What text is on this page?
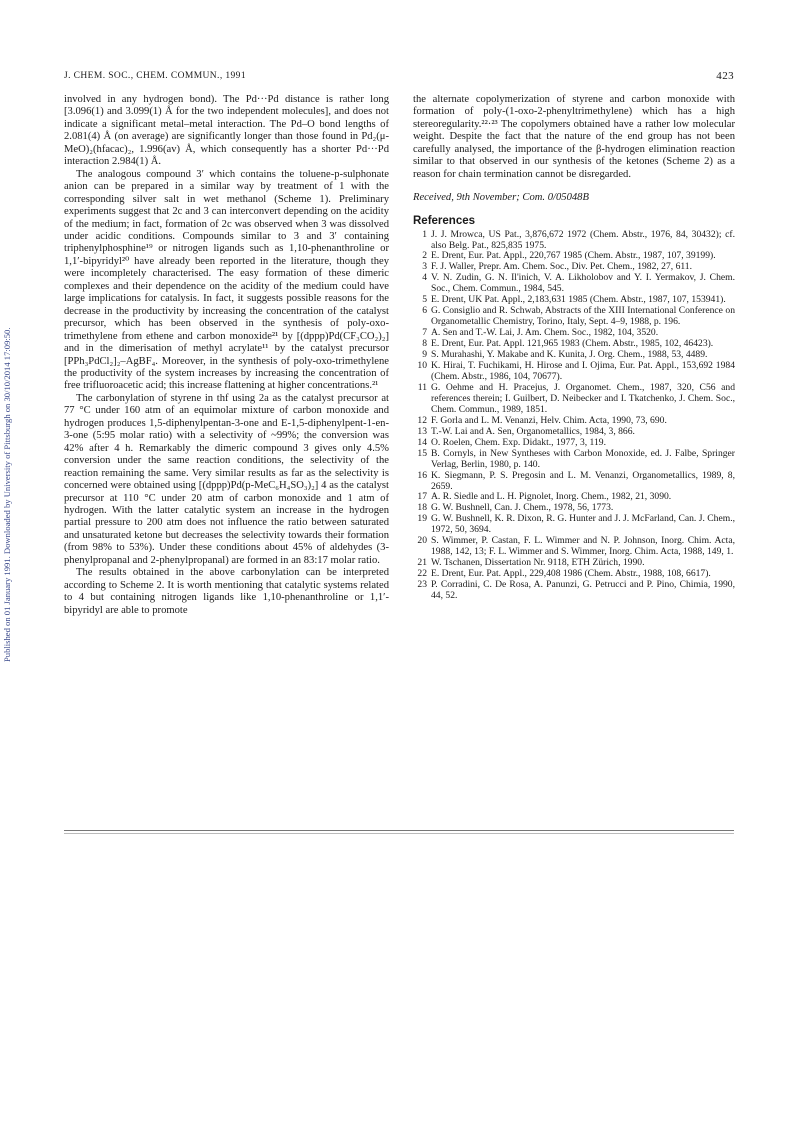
Published on 01 January 1991. Downloaded by University of Pittsburgh on 30/10/2014 17:09:50.
J. CHEM. SOC., CHEM. COMMUN., 1991	423

involved in any hydrogen bond). The Pd···Pd distance is rather long [3.096(1) and 3.099(1) Å for the two independent molecules], and does not indicate a significant metal–metal interaction. The Pd–O bond lengths of 2.081(4) Å (on average) are significantly longer than those found in Pd₂(μ-MeO)₂(hfacac)₂, 1.996(av) Å, which consequently has a shorter Pd···Pd interaction 2.984(1) Å.

The analogous compound 3′ which contains the toluene-p-sulphonate anion can be prepared in a similar way by treatment of 1 with the corresponding silver salt in wet methanol (Scheme 1). Preliminary experiments suggest that 2c and 3 can interconvert depending on the acidity of the medium; in fact, formation of 2c was observed when 3 was dissolved under acidic conditions. Compounds similar to 3 and 3′ containing triphenylphosphine¹⁹ or nitrogen ligands such as 1,10-phenanthroline or 1,1′-bipyridyl²⁰ have already been reported in the literature, though they were incompletely characterised. The easy formation of these dimeric complexes and their dependence on the acidity of the medium could have large implications for catalysis. In fact, it suggests possible reasons for the decrease in the productivity by increasing the concentration of the catalyst precursor, which has been observed in the synthesis of poly-oxo-trimethylene from ethene and carbon monoxide²¹ by [(dppp)Pd(CF₃CO₂)₂] and in the dimerisation of methyl acrylate¹¹ by the catalyst precursor [PPh₃PdCl₂]₂–AgBF₄. Moreover, in the synthesis of poly-oxo-trimethylene the productivity of the system increases by increasing the concentration of free trifluoroacetic acid; this increase flattening at higher concentrations.²¹

The carbonylation of styrene in thf using 2a as the catalyst precursor at 77 °C under 160 atm of an equimolar mixture of carbon monoxide and hydrogen produces 1,5-diphenylpentan-3-one and E-1,5-diphenylpent-1-en-3-one (5:95 molar ratio) with a selectivity of ~99%; the conversion was 42% after 4 h. Remarkably the dimeric compound 3 gives only 4.5% conversion under the same reaction conditions, the selectivity of the reaction remaining the same. Very similar results as far as the selectivity is concerned were obtained using [(dppp)Pd(p-MeC₆H₄SO₃)₂] 4 as the catalyst precursor at 110 °C under 20 atm of carbon monoxide and 1 atm of hydrogen. With the latter catalytic system an increase in the hydrogen partial pressure to 200 atm does not influence the ratio between saturated and unsaturated ketone but decreases the selectivity towards their formation (from 98% to 53%). Under these conditions about 45% of aldehydes (3-phenylpropanal and 2-phenylpropanal) are formed in an 83:17 molar ratio.

The results obtained in the above carbonylation can be interpreted according to Scheme 2. It is worth mentioning that catalytic systems related to 4 but containing nitrogen ligands like 1,10-phenanthroline or 1,1′-bipyridyl are able to promote

the alternate copolymerization of styrene and carbon monoxide with formation of poly-(1-oxo-2-phenyltrimethylene) which has a high stereoregularity.²²·²³ The copolymers obtained have a rather low molecular weight. Despite the fact that the nature of the end group has not been carefully analysed, the importance of the β-hydrogen elimination reaction similar to that observed in our synthesis of the ketones (Scheme 2) as a reason for chain termination cannot be disregarded.

Received, 9th November; Com. 0/05048B

References
1 J. J. Mrowca, US Pat., 3,876,672 1972 (Chem. Abstr., 1976, 84, 30432); cf. also Belg. Pat., 825,835 1975.
2 E. Drent, Eur. Pat. Appl., 220,767 1985 (Chem. Abstr., 1987, 107, 39199).
3 F. J. Waller, Prepr. Am. Chem. Soc., Div. Pet. Chem., 1982, 27, 611.
4 V. N. Zudin, G. N. Il'inich, V. A. Likholobov and Y. I. Yermakov, J. Chem. Soc., Chem. Commun., 1984, 545.
5 E. Drent, UK Pat. Appl., 2,183,631 1985 (Chem. Abstr., 1987, 107, 153941).
6 G. Consiglio and R. Schwab, Abstracts of the XIII International Conference on Organometallic Chemistry, Torino, Italy, Sept. 4–9, 1988, p. 196.
7 A. Sen and T.-W. Lai, J. Am. Chem. Soc., 1982, 104, 3520.
8 E. Drent, Eur. Pat. Appl. 121,965 1983 (Chem. Abstr., 1985, 102, 46423).
9 S. Murahashi, Y. Makabe and K. Kunita, J. Org. Chem., 1988, 53, 4489.
10 K. Hirai, T. Fuchikami, H. Hirose and I. Ojima, Eur. Pat. Appl., 153,692 1984 (Chem. Abstr., 1986, 104, 70677).
11 G. Oehme and H. Pracejus, J. Organomet. Chem., 1987, 320, C56 and references therein; I. Guilbert, D. Neibecker and I. Tkatchenko, J. Chem. Soc., Chem. Commun., 1989, 1851.
12 F. Gorla and L. M. Venanzi, Helv. Chim. Acta, 1990, 73, 690.
13 T.-W. Lai and A. Sen, Organometallics, 1984, 3, 866.
14 O. Roelen, Chem. Exp. Didakt., 1977, 3, 119.
15 B. Cornyls, in New Syntheses with Carbon Monoxide, ed. J. Falbe, Springer Verlag, Berlin, 1980, p. 140.
16 K. Siegmann, P. S. Pregosin and L. M. Venanzi, Organometallics, 1989, 8, 2659.
17 A. R. Siedle and L. H. Pignolet, Inorg. Chem., 1982, 21, 3090.
18 G. W. Bushnell, Can. J. Chem., 1978, 56, 1773.
19 G. W. Bushnell, K. R. Dixon, R. G. Hunter and J. J. McFarland, Can. J. Chem., 1972, 50, 3694.
20 S. Wimmer, P. Castan, F. L. Wimmer and N. P. Johnson, Inorg. Chim. Acta, 1988, 142, 13; F. L. Wimmer and S. Wimmer, Inorg. Chim. Acta, 1988, 149, 1.
21 W. Tschanen, Dissertation Nr. 9118, ETH Zürich, 1990.
22 E. Drent, Eur. Pat. Appl., 229,408 1986 (Chem. Abstr., 1988, 108, 6617).
23 P. Corradini, C. De Rosa, A. Panunzi, G. Petrucci and P. Pino, Chimia, 1990, 44, 52.
